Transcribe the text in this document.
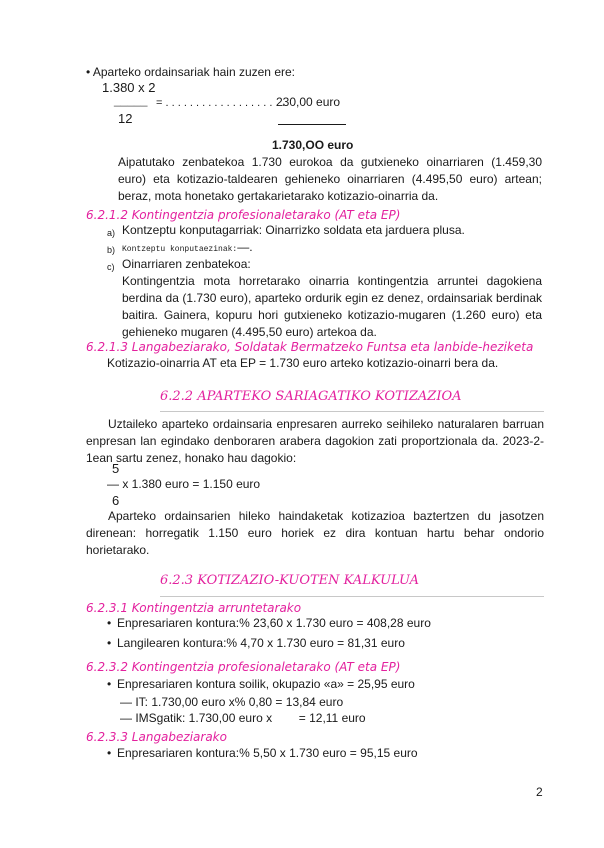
• Aparteko ordainsariak hain zuzen ere:
1.380 x 2
_____ = . . . . . . . . . . . . . . . . . . . .
230,00 euro
12
1.730,OO euro
Aipatutako zenbatekoa 1.730 eurokoa da gutxieneko oinarriaren (1.459,30 euro) eta kotizazio-taldearen gehieneko oinarriaren (4.495,50 euro) artean; beraz, mota honetako gertakarietarako kotizazio-oinarria da.
6.2.1.2 Kontingentzia profesionaletarako (AT eta EP)
a) Kontzeptu konputagarriak: Oinarrizko soldata eta jarduera plusa.
b) Kontzeptu konputaezinak:—.
c) Oinarriaren zenbatekoa:
Kontingentzia mota horretarako oinarria kontingentzia arruntei dagokiena berdina da (1.730 euro), aparteko ordurik egin ez denez, ordainsariak berdinak baitira. Gainera, kopuru hori gutxieneko kotizazio-mugaren (1.260 euro) eta gehieneko mugaren (4.495,50 euro) artekoa da.
6.2.1.3 Langabeziarako, Soldatak Bermatzeko Funtsa eta lanbide-heziketa
Kotizazio-oinarria AT eta EP = 1.730 euro arteko kotizazio-oinarri bera da.
6.2.2 APARTEKO SARIAGATIKO KOTIZAZIOA
Uztaileko aparteko ordainsaria enpresaren aurreko seihileko naturalaren barruan enpresan lan egindako denboraren arabera dagokion zati proportzionala da. 2023-2-1ean sartu zenez, honako hau dagokio:
5
— x 1.380 euro = 1.150 euro
6
Aparteko ordainsarien hileko haindaketak kotizazioa baztertzen du jasotzen direnean: horregatik 1.150 euro horiek ez dira kontuan hartu behar ondorio horietarako.
6.2.3 KOTIZAZIO-KUOTEN KALKULUA
6.2.3.1 Kontingentzia arruntetarako
• Enpresariaren kontura:% 23,60 x 1.730 euro = 408,28 euro
• Langilearen kontura:% 4,70 x 1.730 euro = 81,31 euro
6.2.3.2 Kontingentzia profesionaletarako (AT eta EP)
• Enpresariaren kontura soilik, okupazio «a» = 25,95 euro
— IT: 1.730,00 euro x% 0,80 = 13,84 euro
— IMSgatik: 1.730,00 euro x        = 12,11 euro
6.2.3.3 Langabeziarako
• Enpresariaren kontura:% 5,50 x 1.730 euro = 95,15 euro
2
